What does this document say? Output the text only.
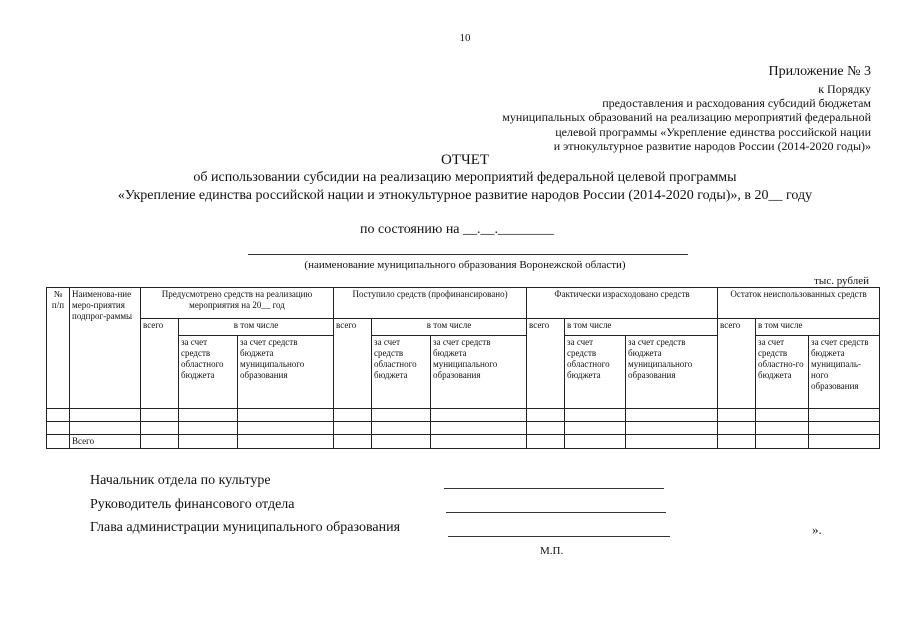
10
Приложение № 3
к Порядку
предоставления и расходования субсидий бюджетам
муниципальных образований на реализацию мероприятий федеральной
целевой программы «Укрепление единства российской нации
и этнокультурное развитие народов России (2014-2020 годы)»
ОТЧЕТ
об использовании субсидии на реализацию мероприятий федеральной целевой программы
«Укрепление единства российской нации и этнокультурное развитие народов России (2014-2020 годы)», в 20__ году
по состоянию на __.__.________
(наименование муниципального образования Воронежской области)
тыс. рублей
№ п/п	Наименова-ние меро-приятия подпрог-раммы	Предусмотрено средств на реализацию мероприятия на 20__ год			Поступило средств (профинансировано)			Фактически израсходовано средств			Остаток неиспользованных средств		
		всего	в том числе		всего	в том числе		всего	в том числе		всего	в том числе	
			за счет средств областного бюджета	за счет средств бюджета муниципального образования		за счет средств областного бюджета	за счет средств бюджета муниципального образования		за счет средств областного бюджета	за счет средств бюджета муниципального образования		за счет средств областно-го бюджета	за счет средств бюджета муниципаль-ного образования

	Всего												
Начальник отдела по культуре
Руководитель финансового отдела
Глава администрации муниципального образования	».
М.П.
